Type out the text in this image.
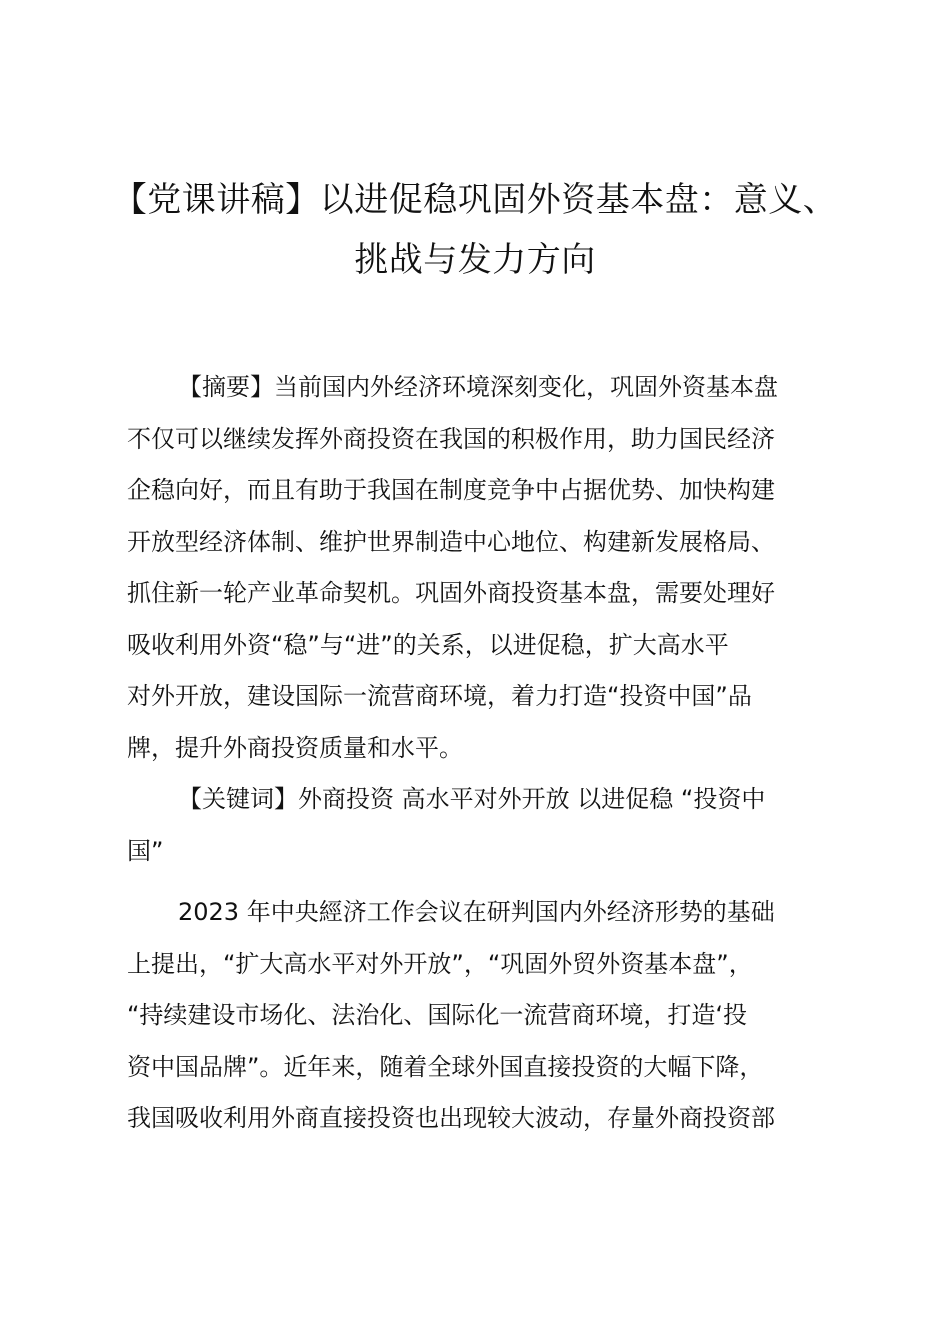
【党课讲稿】以进促稳巩固外资基本盘：意义、
挑战与发力方向
【摘要】当前国内外经济环境深刻变化，巩固外资基本盘
不仅可以继续发挥外商投资在我国的积极作用，助力国民经济
企稳向好，而且有助于我国在制度竞争中占据优势、加快构建
开放型经济体制、维护世界制造中心地位、构建新发展格局、
抓住新一轮产业革命契机。巩固外商投资基本盘，需要处理好
吸收利用外资“稳”与“进”的关系，以进促稳，扩大高水平
对外开放，建设国际一流营商环境，着力打造“投资中国”品
牌，提升外商投资质量和水平。
【关键词】外商投资 高水平对外开放 以进促稳 “投资中
国”
2023 年中央經济工作会议在研判国内外经济形势的基础
上提出，“扩大高水平对外开放”，“巩固外贸外资基本盘”，
“持续建设市场化、法治化、国际化一流营商环境，打造‘投
资中国品牌”。近年来，随着全球外国直接投资的大幅下降，
我国吸收利用外商直接投资也出现较大波动，存量外商投资部
